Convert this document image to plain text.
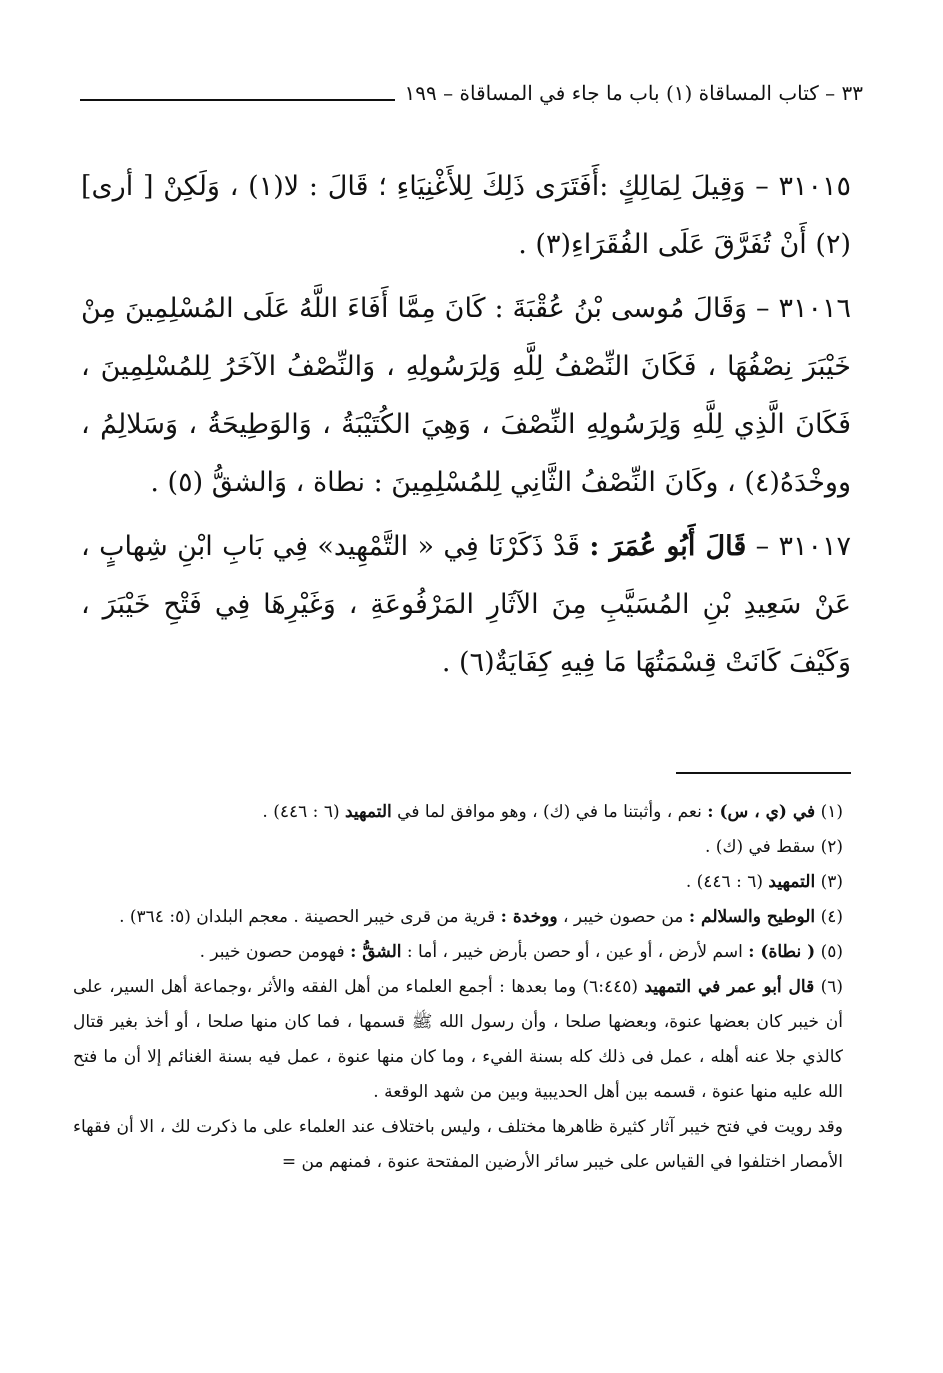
٣٣ – كتاب المساقاة (١) باب ما جاء في المساقاة – ١٩٩

٣١٠١٥ – وَقِيلَ لِمَالِكٍ :أَفَتَرَى ذَلِكَ لِلأَغْنِيَاءِ ؛ قَالَ : لا(١) ، وَلَكِنْ [ أرى](٢) أَنْ تُفَرَّقَ عَلَى الفُقَرَاءِ(٣) .

٣١٠١٦ – وَقَالَ مُوسى بْنُ عُقْبَةَ : كَانَ مِمَّا أَفَاءَ اللَّهُ عَلَى المُسْلِمِينَ مِنْ خَيْبَرَ نِصْفُهَا ، فَكَانَ النِّصْفُ لِلَّهِ وَلِرَسُولِهِ ، وَالنِّصْفُ الآخَرُ لِلمُسْلِمِينَ ، فَكَانَ الَّذِي لِلَّهِ وَلِرَسُولِهِ النِّصْفَ ، وَهِيَ الكُتَيْبَةُ ، وَالوَطِيحَةُ ، وَسَلالِمُ ، ووخْدَهُ(٤) ، وكَانَ النِّصْفُ الثَّانِي لِلمُسْلِمِينَ : نطاة ، وَالشقُّ (٥) .

٣١٠١٧ – قَالَ أَبُو عُمَرَ : قَدْ ذَكَرْنَا فِي « التَّمْهِيد» فِي بَابِ ابْنِ شِهابٍ ، عَنْ سَعِيدِ بْنِ المُسَيَّبِ مِنَ الآثَارِ المَرْفُوعَةِ ، وَغَيْرِهَا فِي فَتْحِ خَيْبَرَ ، وَكَيْفَ كَانَتْ قِسْمَتُهَا مَا فِيهِ كِفَايَةٌ(٦) .

(١) في (ي ، س) : نعم ، وأثبتنا ما في (ك) ، وهو موافق لما في التمهيد (٦ : ٤٤٦) .

(٢) سقط في (ك) .

(٣) التمهيد (٦ : ٤٤٦) .

(٤) الوطيح والسلالم : من حصون خيبر ، ووخدة : قرية من قرى خيبر الحصينة . معجم البلدان (٥: ٣٦٤) .

(٥) ( نطاة) : اسم لأرض ، أو عين ، أو حصن بأرض خيبر ، أما : الشقُّ : فهومن حصون خيبر .

(٦) قال أبو عمر في التمهيد (٦:٤٤٥) وما بعدها : أجمع العلماء من أهل الفقه والأثر ،وجماعة أهل السير، على أن خيبر كان بعضها عنوة، وبعضها صلحا ، وأن رسول الله ﷺ قسمها ، فما كان منها صلحا ، أو أخذ بغير قتال كالذي جلا عنه أهله ، عمل فى ذلك كله بسنة الفيء ، وما كان منها عنوة ، عمل فيه بسنة الغنائم إلا أن ما فتح الله عليه منها عنوة ، قسمه بين أهل الحديبية وبين من شهد الوقعة .

وقد رويت في فتح خيبر آثار كثيرة ظاهرها مختلف ، وليس باختلاف عند العلماء على ما ذكرت لك ، الا أن فقهاء الأمصار اختلفوا في القياس على خيبر سائر الأرضين المفتحة عنوة ، فمنهم من =
